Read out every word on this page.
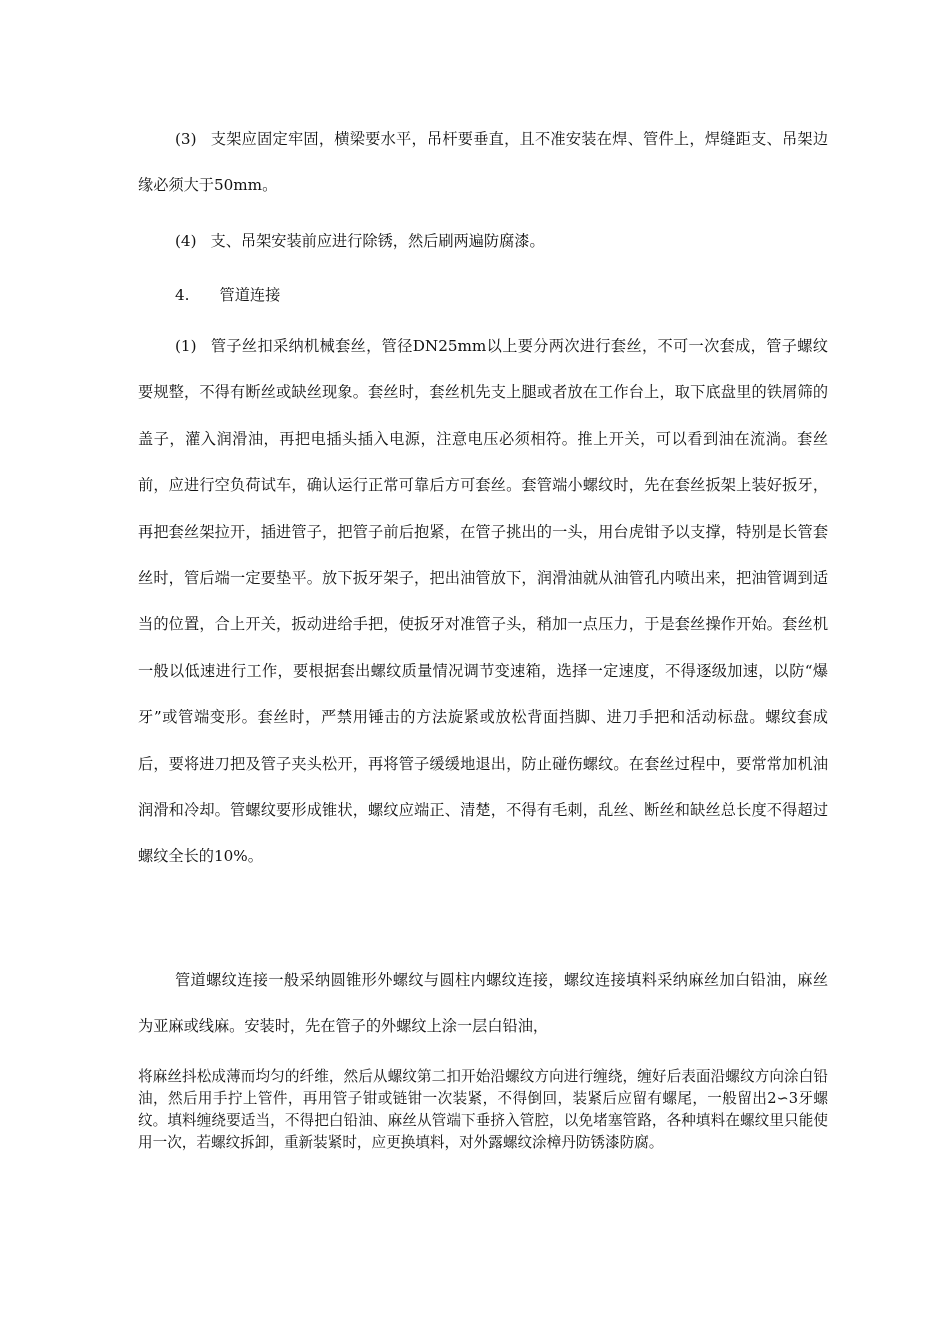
(3) 支架应固定牢固，横梁要水平，吊杆要垂直，且不准安装在焊、管件上，焊缝距支、吊架边缘必须大于50mm。

(4) 支、吊架安装前应进行除锈，然后刷两遍防腐漆。

4. 管道连接

(1) 管子丝扣采纳机械套丝，管径DN25mm以上要分两次进行套丝，不可一次套成，管子螺纹要规整，不得有断丝或缺丝现象。套丝时，套丝机先支上腿或者放在工作台上，取下底盘里的铁屑筛的盖子，灌入润滑油，再把电插头插入电源，注意电压必须相符。推上开关，可以看到油在流淌。套丝前，应进行空负荷试车，确认运行正常可靠后方可套丝。套管端小螺纹时，先在套丝扳架上装好扳牙，再把套丝架拉开，插进管子，把管子前后抱紧，在管子挑出的一头，用台虎钳予以支撑，特别是长管套丝时，管后端一定要垫平。放下扳牙架子，把出油管放下，润滑油就从油管孔内喷出来，把油管调到适当的位置，合上开关，扳动进给手把，使扳牙对准管子头，稍加一点压力，于是套丝操作开始。套丝机一般以低速进行工作，要根据套出螺纹质量情况调节变速箱，选择一定速度，不得逐级加速，以防“爆牙”或管端变形。套丝时，严禁用锤击的方法旋紧或放松背面挡脚、进刀手把和活动标盘。螺纹套成后，要将进刀把及管子夹头松开，再将管子缓缓地退出，防止碰伤螺纹。在套丝过程中，要常常加机油润滑和冷却。管螺纹要形成锥状，螺纹应端正、清楚，不得有毛刺，乱丝、断丝和缺丝总长度不得超过螺纹全长的10%。

管道螺纹连接一般采纳圆锥形外螺纹与圆柱内螺纹连接，螺纹连接填料采纳麻丝加白铅油，麻丝为亚麻或线麻。安装时，先在管子的外螺纹上涂一层白铅油，

将麻丝抖松成薄而均匀的纤维，然后从螺纹第二扣开始沿螺纹方向进行缠绕，缠好后表面沿螺纹方向涂白铅油，然后用手拧上管件，再用管子钳或链钳一次装紧，不得倒回，装紧后应留有螺尾，一般留出2∽3牙螺纹。填料缠绕要适当，不得把白铅油、麻丝从管端下垂挤入管腔，以免堵塞管路，各种填料在螺纹里只能使用一次，若螺纹拆卸，重新装紧时，应更换填料，对外露螺纹涂樟丹防锈漆防腐。
